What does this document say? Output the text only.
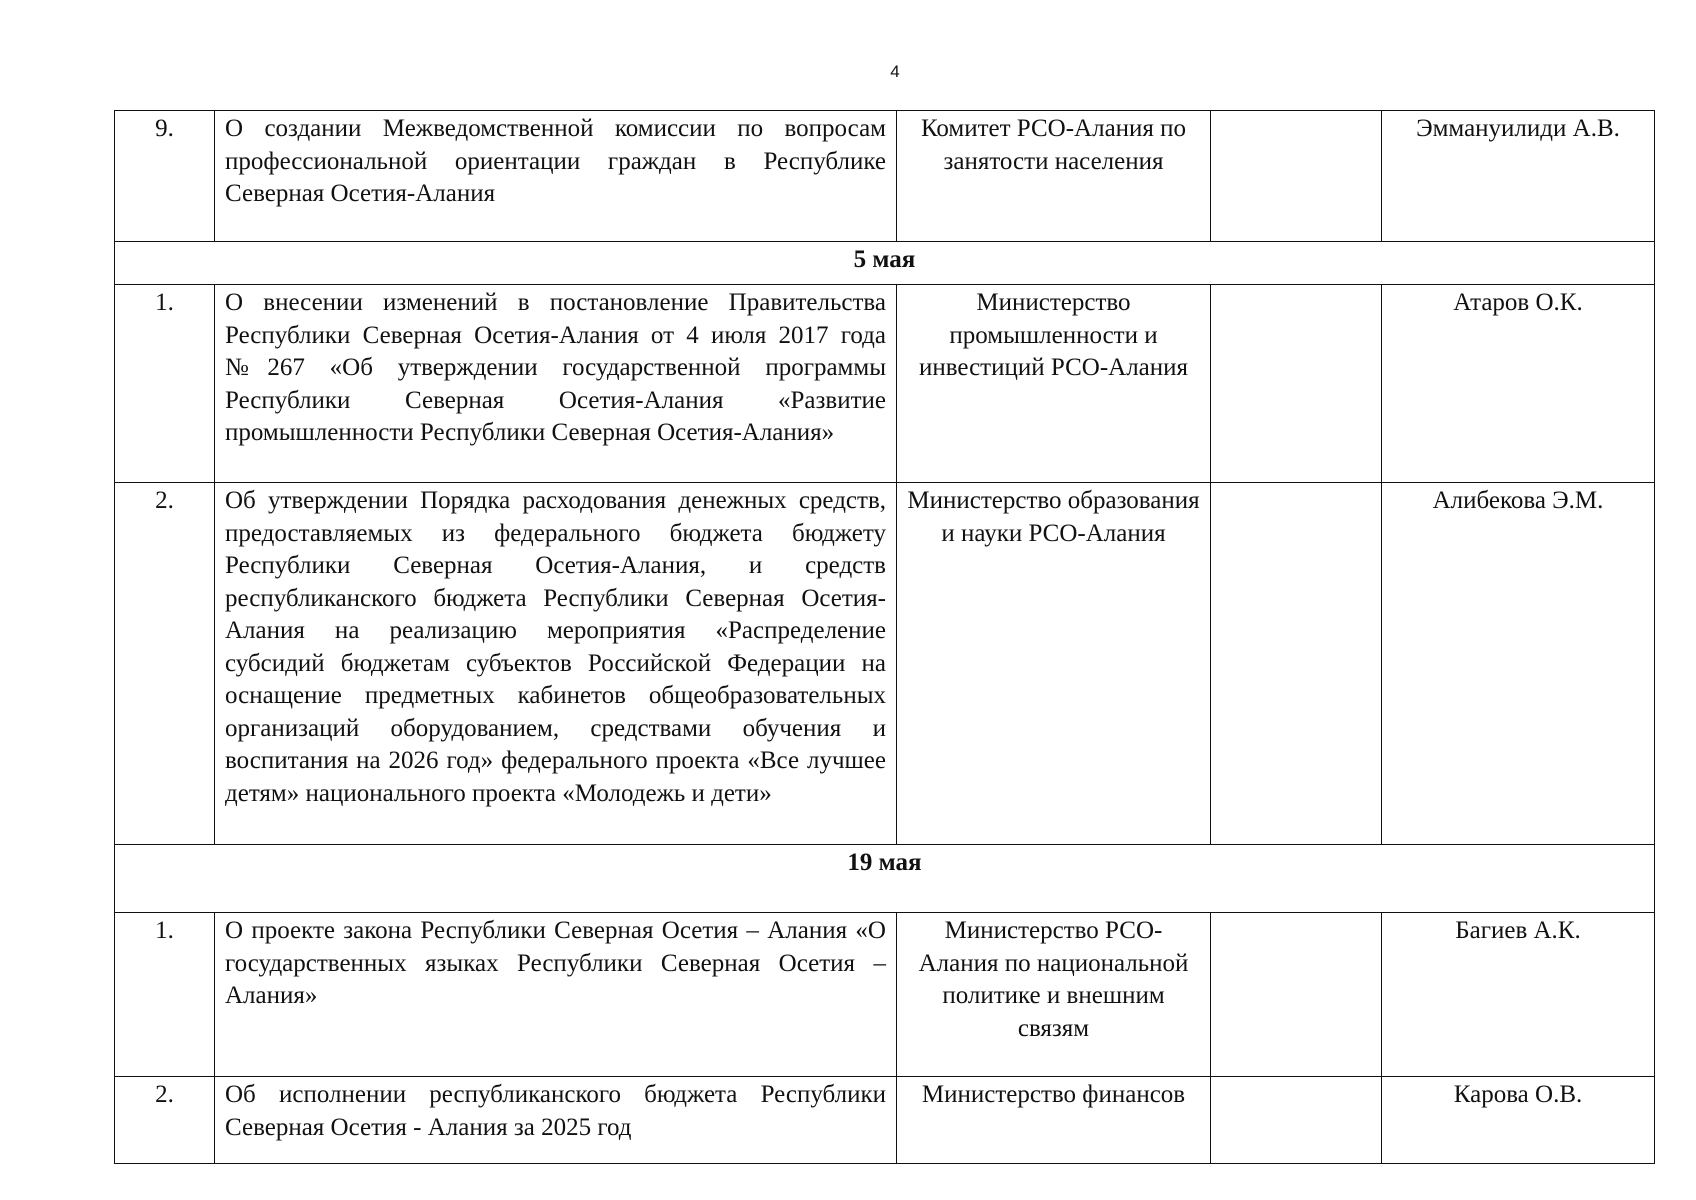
4
9.	О создании Межведомственной комиссии по вопросам профессиональной ориентации граждан в Республике Северная Осетия-Алания	Комитет РСО-Алания по занятости населения		Эммануилиди А.В.
5 мая				
1.	О внесении изменений в постановление Правительства Республики Северная Осетия-Алания от 4 июля 2017 года №267 «Об утверждении государственной программы Республики Северная Осетия-Алания «Развитие промышленности Республики Северная Осетия-Алания»	Министерство промышленности и инвестиций РСО-Алания		Атаров О.К.
2.	Об утверждении Порядка расходования денежных средств, предоставляемых из федерального бюджета бюджету Республики Северная Осетия-Алания, и средств республиканского бюджета Республики Северная Осетия-Алания на реализацию мероприятия «Распределение субсидий бюджетам субъектов Российской Федерации на оснащение предметных кабинетов общеобразовательных организаций оборудованием, средствами обучения и воспитания на 2026 год» федерального проекта «Все лучшее детям» национального проекта «Молодежь и дети»	Министерство образования и науки РСО-Алания		Алибекова Э.М.
19 мая				
1.	О проекте закона Республики Северная Осетия – Алания «О государственных языках Республики Северная Осетия – Алания»	Министерство РСО-Алания по национальной политике и внешним связям		Багиев А.К.
2.	Об исполнении республиканского бюджета Республики Северная Осетия - Алания за 2025 год	Министерство финансов		Карова О.В.
